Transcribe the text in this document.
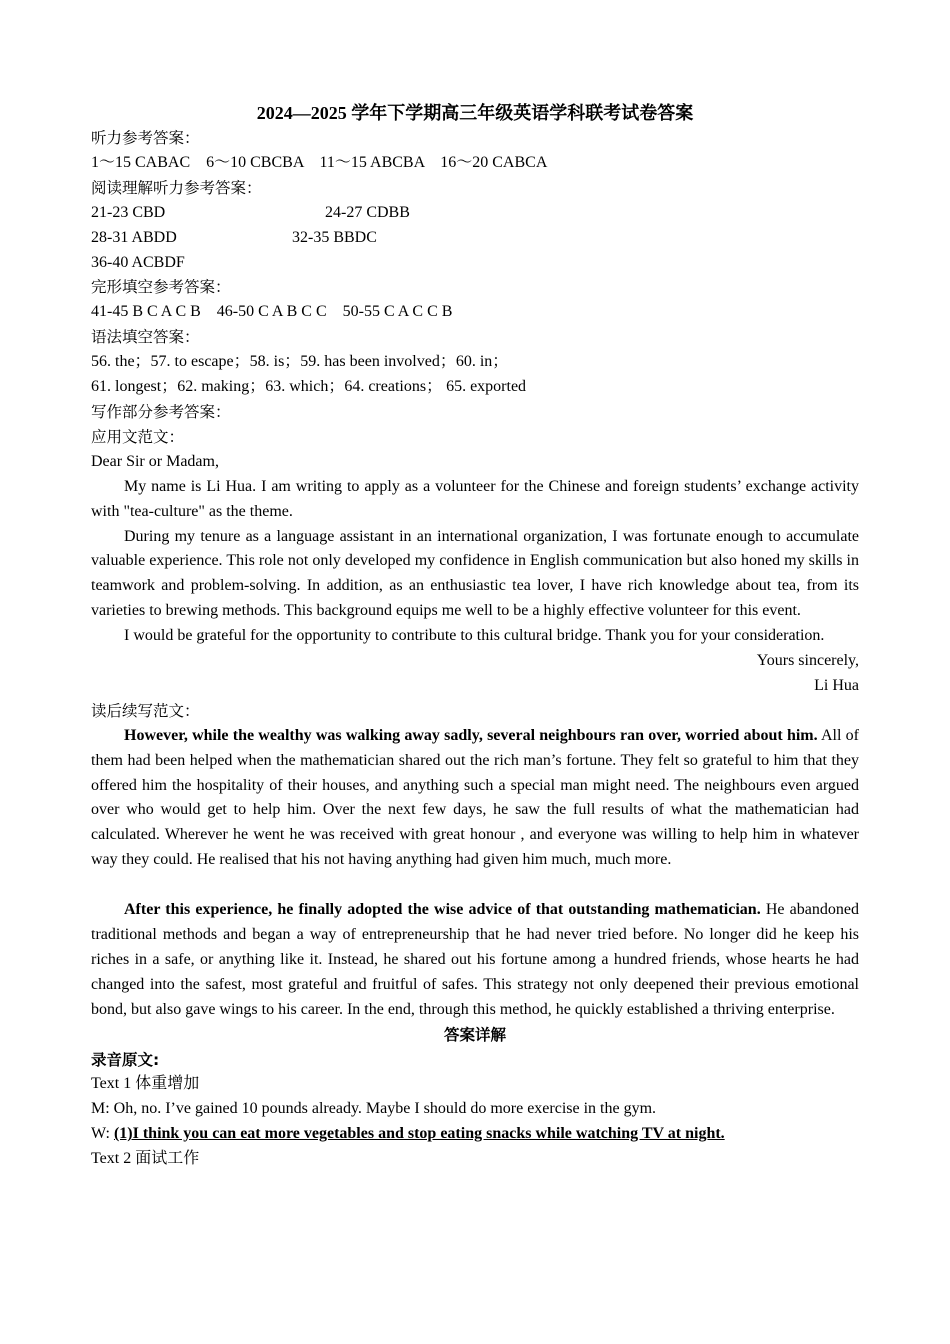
2024—2025 学年下学期高三年级英语学科联考试卷答案
听力参考答案：
1～15 CABAC　6～10 CBCBA　11～15 ABCBA　16～20 CABCA
阅读理解听力参考答案：
21-23 CBD	24-27 CDBB
28-31 ABDD	32-35 BBDC
36-40 ACBDF
完形填空参考答案：
41-45 B C A C B　46-50 C A B C C　50-55 C A C C B
语法填空答案：
56. the；57. to escape；58. is；59. has been involved；60. in；
61. longest；62. making；63. which；64. creations； 65. exported
写作部分参考答案：
应用文范文：
Dear Sir or Madam,
My name is Li Hua. I am writing to apply as a volunteer for the Chinese and foreign students’ exchange activity with "tea-culture" as the theme.
During my tenure as a language assistant in an international organization, I was fortunate enough to accumulate valuable experience. This role not only developed my confidence in English communication but also honed my skills in teamwork and problem-solving. In addition, as an enthusiastic tea lover, I have rich knowledge about tea, from its varieties to brewing methods. This background equips me well to be a highly effective volunteer for this event.
I would be grateful for the opportunity to contribute to this cultural bridge. Thank you for your consideration.
Yours sincerely,
Li Hua
读后续写范文：
However, while the wealthy was walking away sadly, several neighbours ran over, worried about him. All of them had been helped when the mathematician shared out the rich man’s fortune. They felt so grateful to him that they offered him the hospitality of their houses, and anything such a special man might need. The neighbours even argued over who would get to help him. Over the next few days, he saw the full results of what the mathematician had calculated. Wherever he went he was received with great honour , and everyone was willing to help him in whatever way they could. He realised that his not having anything had given him much, much more.
After this experience, he finally adopted the wise advice of that outstanding mathematician. He abandoned traditional methods and began a way of entrepreneurship that he had never tried before. No longer did he keep his riches in a safe, or anything like it. Instead, he shared out his fortune among a hundred friends, whose hearts he had changed into the safest, most grateful and fruitful of safes. This strategy not only deepened their previous emotional bond, but also gave wings to his career. In the end, through this method, he quickly established a thriving enterprise.
答案详解
录音原文:
Text 1 体重增加
M: Oh, no. I’ve gained 10 pounds already. Maybe I should do more exercise in the gym.
W: (1)I think you can eat more vegetables and stop eating snacks while watching TV at night.
Text 2 面试工作
